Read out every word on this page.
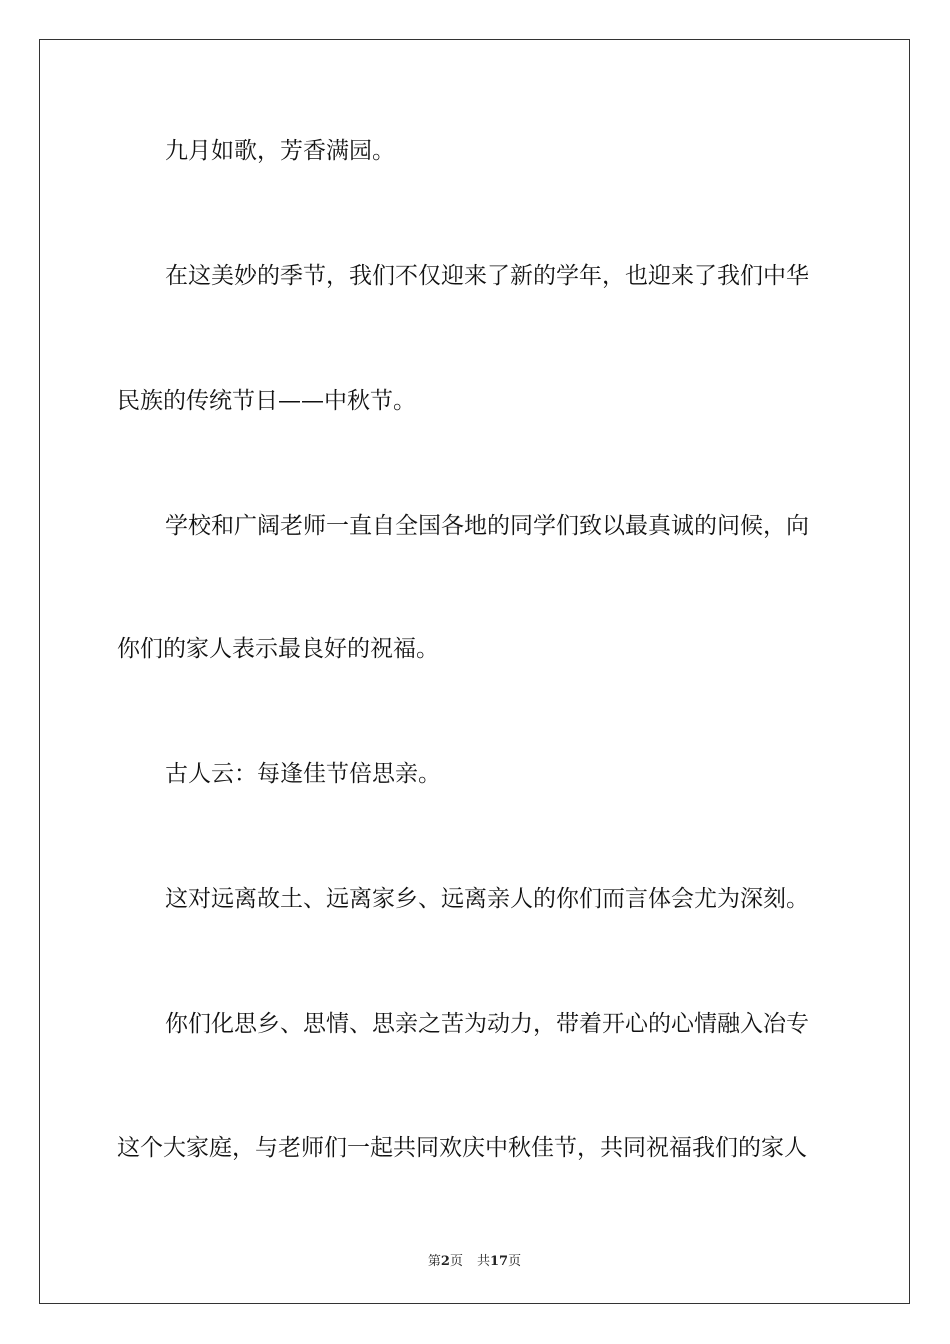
九月如歌，芳香满园。
在这美妙的季节，我们不仅迎来了新的学年，也迎来了我们中华
民族的传统节日——中秋节。
学校和广阔老师一直自全国各地的同学们致以最真诚的问候，向
你们的家人表示最良好的祝福。
古人云：每逢佳节倍思亲。
这对远离故土、远离家乡、远离亲人的你们而言体会尤为深刻。
你们化思乡、思情、思亲之苦为动力，带着开心的心情融入冶专
这个大家庭，与老师们一起共同欢庆中秋佳节，共同祝福我们的家人
第2页 共17页
